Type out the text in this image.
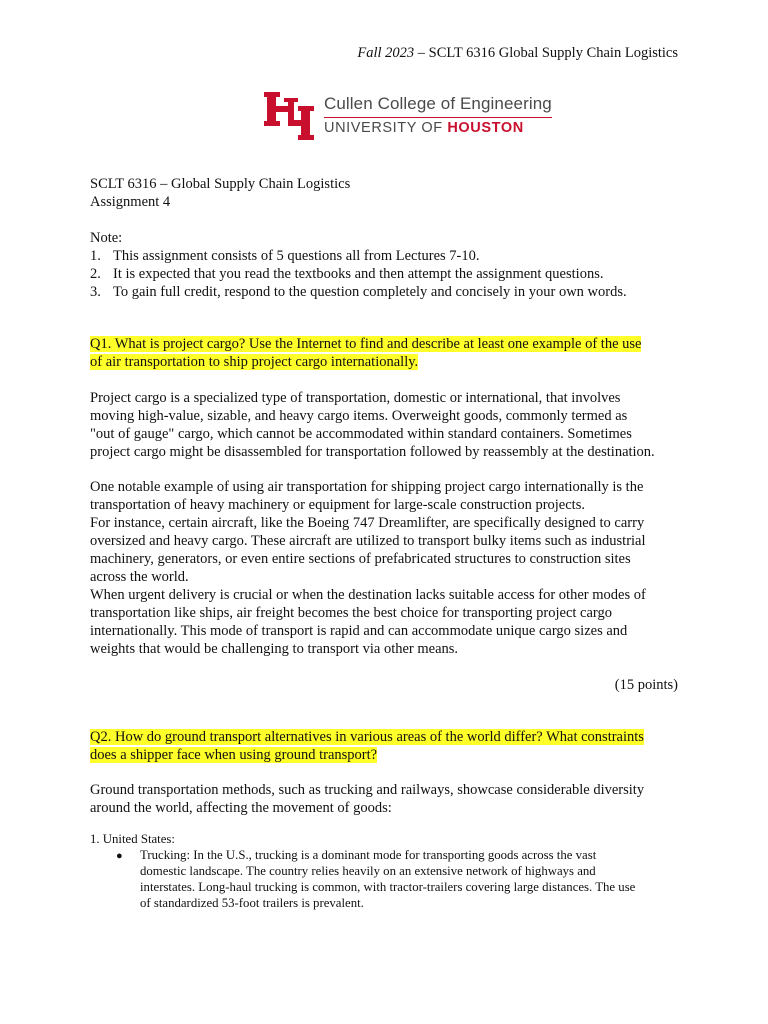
Fall 2023 – SCLT 6316 Global Supply Chain Logistics
Cullen College of Engineering
UNIVERSITY OF HOUSTON
SCLT 6316 – Global Supply Chain Logistics
Assignment 4
Note:
1. This assignment consists of 5 questions all from Lectures 7-10.
2. It is expected that you read the textbooks and then attempt the assignment questions.
3. To gain full credit, respond to the question completely and concisely in your own words.
Q1. What is project cargo? Use the Internet to find and describe at least one example of the use
of air transportation to ship project cargo internationally.
Project cargo is a specialized type of transportation, domestic or international, that involves
moving high-value, sizable, and heavy cargo items. Overweight goods, commonly termed as
"out of gauge" cargo, which cannot be accommodated within standard containers. Sometimes
project cargo might be disassembled for transportation followed by reassembly at the destination.
One notable example of using air transportation for shipping project cargo internationally is the
transportation of heavy machinery or equipment for large-scale construction projects.
For instance, certain aircraft, like the Boeing 747 Dreamlifter, are specifically designed to carry
oversized and heavy cargo. These aircraft are utilized to transport bulky items such as industrial
machinery, generators, or even entire sections of prefabricated structures to construction sites
across the world.
When urgent delivery is crucial or when the destination lacks suitable access for other modes of
transportation like ships, air freight becomes the best choice for transporting project cargo
internationally. This mode of transport is rapid and can accommodate unique cargo sizes and
weights that would be challenging to transport via other means.
(15 points)
Q2. How do ground transport alternatives in various areas of the world differ? What constraints
does a shipper face when using ground transport?
Ground transportation methods, such as trucking and railways, showcase considerable diversity
around the world, affecting the movement of goods:
1. United States:
●	Trucking: In the U.S., trucking is a dominant mode for transporting goods across the vast
domestic landscape. The country relies heavily on an extensive network of highways and
interstates. Long-haul trucking is common, with tractor-trailers covering large distances. The use
of standardized 53-foot trailers is prevalent.
